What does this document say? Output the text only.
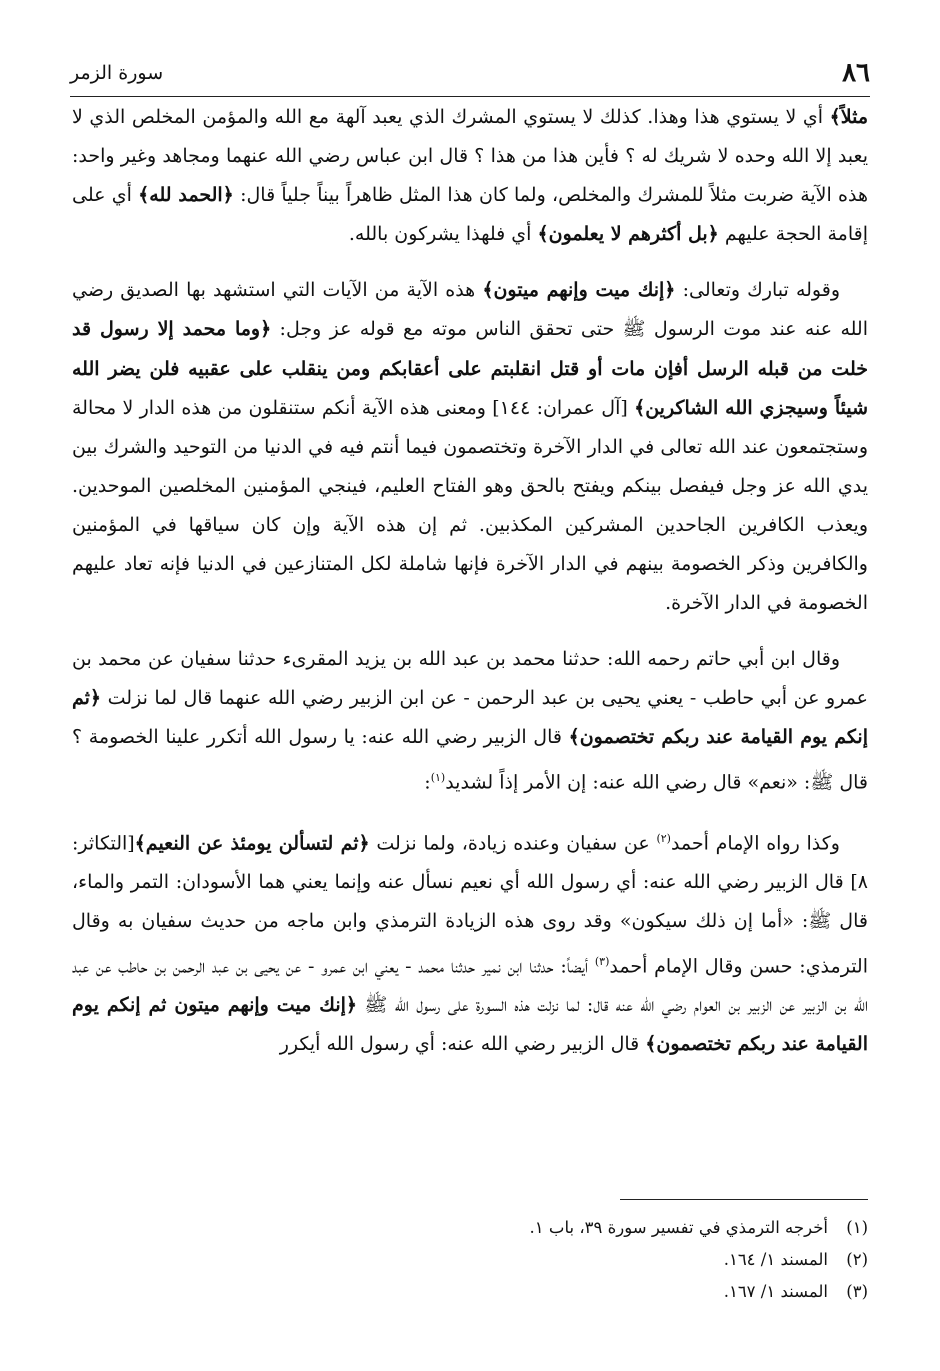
٨٦
سورة الزمر

مثلاً﴾ أي لا يستوي هذا وهذا. كذلك لا يستوي المشرك الذي يعبد آلهة مع الله والمؤمن المخلص الذي لا يعبد إلا الله وحده لا شريك له ؟ فأين هذا من هذا ؟ قال ابن عباس رضي الله عنهما ومجاهد وغير واحد: هذه الآية ضربت مثلاً للمشرك والمخلص، ولما كان هذا المثل ظاهراً بيناً جلياً قال: ﴿الحمد لله﴾ أي على إقامة الحجة عليهم ﴿بل أكثرهم لا يعلمون﴾ أي فلهذا يشركون بالله.

وقوله تبارك وتعالى: ﴿إنك ميت وإنهم ميتون﴾ هذه الآية من الآيات التي استشهد بها الصديق رضي الله عنه عند موت الرسول ﷺ حتى تحقق الناس موته مع قوله عز وجل: ﴿وما محمد إلا رسول قد خلت من قبله الرسل أفإن مات أو قتل انقلبتم على أعقابكم ومن ينقلب على عقبيه فلن يضر الله شيئاً وسيجزي الله الشاكرين﴾ [آل عمران: ١٤٤] ومعنى هذه الآية أنكم ستنقلون من هذه الدار لا محالة وستجتمعون عند الله تعالى في الدار الآخرة وتختصمون فيما أنتم فيه في الدنيا من التوحيد والشرك بين يدي الله عز وجل فيفصل بينكم ويفتح بالحق وهو الفتاح العليم، فينجي المؤمنين المخلصين الموحدين. ويعذب الكافرين الجاحدين المشركين المكذبين. ثم إن هذه الآية وإن كان سياقها في المؤمنين والكافرين وذكر الخصومة بينهم في الدار الآخرة فإنها شاملة لكل المتنازعين في الدنيا فإنه تعاد عليهم الخصومة في الدار الآخرة.

وقال ابن أبي حاتم رحمه الله: حدثنا محمد بن عبد الله بن يزيد المقرىء حدثنا سفيان عن محمد بن عمرو عن أبي حاطب - يعني يحيى بن عبد الرحمن - عن ابن الزبير رضي الله عنهما قال لما نزلت ﴿ثم إنكم يوم القيامة عند ربكم تختصمون﴾ قال الزبير رضي الله عنه: يا رسول الله أتكرر علينا الخصومة ؟ قال ﷺ: «نعم» قال رضي الله عنه: إن الأمر إذاً لشديد$^{(١)}$:

وكذا رواه الإمام أحمد$^{(٢)}$ عن سفيان وعنده زيادة، ولما نزلت ﴿ثم لتسألن يومئذ عن النعيم﴾[التكاثر: ٨] قال الزبير رضي الله عنه: أي رسول الله أي نعيم نسأل عنه وإنما يعني هما الأسودان: التمر والماء، قال ﷺ: «أما إن ذلك سيكون» وقد روى هذه الزيادة الترمذي وابن ماجه من حديث سفيان به وقال الترمذي: حسن وقال الإمام أحمد$^{(٣)}$ أيضاً: حدثنا ابن نمير حدثنا محمد - يعني ابن عمرو - عن يحيى بن عبد الرحمن بن حاطب عن عبد الله بن الزبير عن الزبير بن العوام رضي الله عنه قال: لما نزلت هذه السورة على رسول الله ﷺ ﴿إنك ميت وإنهم ميتون ثم إنكم يوم القيامة عند ربكم تختصمون﴾ قال الزبير رضي الله عنه: أي رسول الله أيكرر

(١)
أخرجه الترمذي في تفسير سورة ٣٩، باب ١.
(٢)
المسند ١/ ١٦٤.
(٣)
المسند ١/ ١٦٧.
